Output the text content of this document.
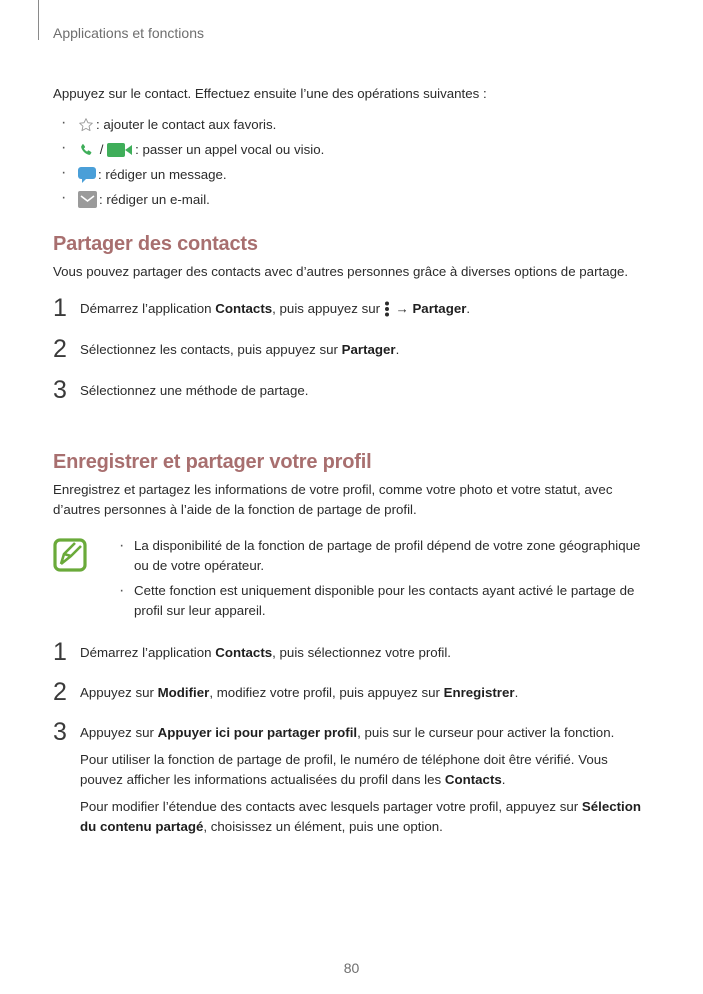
Applications et fonctions

Appuyez sur le contact. Effectuez ensuite l’une des opérations suivantes :

· : ajouter le contact aux favoris.
·  / : passer un appel vocal ou visio.
· : rédiger un message.
· : rédiger un e-mail.
Partager des contacts

Vous pouvez partager des contacts avec d’autres personnes grâce à diverses options de partage.

1 Démarrez l’application Contacts, puis appuyez sur
→ Partager.
2 Sélectionnez les contacts, puis appuyez sur Partager.
3 Sélectionnez une méthode de partage.
Enregistrer et partager votre profil

Enregistrez et partagez les informations de votre profil, comme votre photo et votre statut, avec d’autres personnes à l’aide de la fonction de partage de profil.

· La disponibilité de la fonction de partage de profil dépend de votre zone géographique ou de votre opérateur.
· Cette fonction est uniquement disponible pour les contacts ayant activé le partage de profil sur leur appareil.
1 Démarrez l’application Contacts, puis sélectionnez votre profil.
2 Appuyez sur Modifier, modifiez votre profil, puis appuyez sur Enregistrer.
3 Appuyez sur Appuyer ici pour partager profil, puis sur le curseur pour activer la fonction.

Pour utiliser la fonction de partage de profil, le numéro de téléphone doit être vérifié. Vous pouvez afficher les informations actualisées du profil dans les Contacts.

Pour modifier l’étendue des contacts avec lesquels partager votre profil, appuyez sur Sélection du contenu partagé, choisissez un élément, puis une option.

80
